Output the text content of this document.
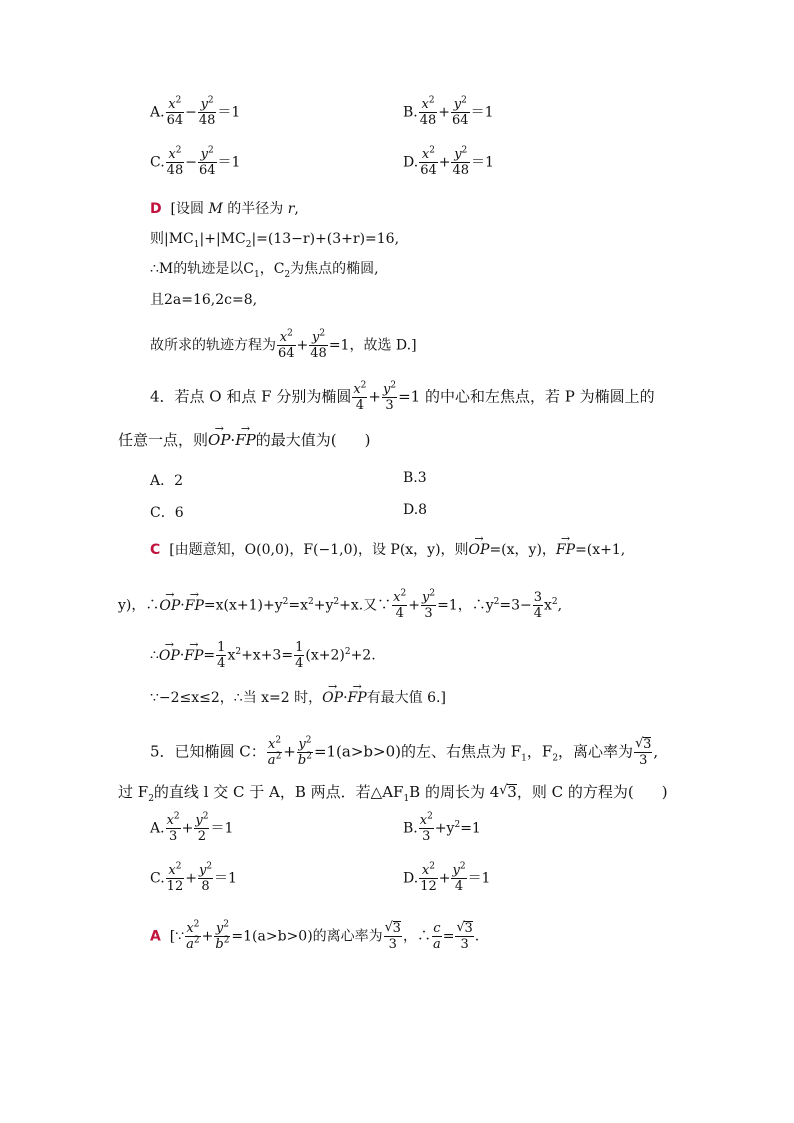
A. $\frac{x^2}{64} - \frac{y^2}{48} =1$	B. $\frac{x^2}{48} + \frac{y^2}{64} =1$
C. $\frac{x^2}{48} - \frac{y^2}{64} =1$	D. $\frac{x^2}{64} + \frac{y^2}{48} =1$
D [设圆 M 的半径为 r,
则$|MC_1|+|MC_2|=(13-r)+(3+r)=16$,
∴M的轨迹是以$C_1$，$C_2$为焦点的椭圆,
且2a=16,2c=8,
故所求的轨迹方程为 $\frac{x^2}{64} + \frac{y^2}{48} =1$，故选 D.]
4．若点 O 和点 F 分别为椭圆 $\frac{x^2}{4} + \frac{y^2}{3} =1$ 的中心和左焦点，若 P 为椭圆上的
任意一点，则→ OP·→ FP的最大值为( )
A．2	B.3
C．6	D.8
C [由题意知，O(0,0)，F(−1,0)，设 P(x，y)，则→ OP=(x，y)，→ FP=(x+1,
y)，∴→ $OP\cdot\to FP=x(x+1)+y^2=x^2+y^2+x$.又∵ $\frac{x^2}{4} + \frac{y^2}{3} =1$，$\therefore y^2=3- \frac{3}{4} x^2$,
∴→ $OP\cdot\to FP= \frac{1}{4} x^2+x+3= \frac{1}{4} (x+2)^2+2$.
∵−2≤x≤2，∴当 x=2 时，→ OP·→ FP有最大值 6.]
5．已知椭圆 C： $\frac{x^2}{a^2} + \frac{y^2}{b^2} =1(a>b>0)$的左、右焦点为 $F_1$，$F_2$，离心率为 √ $\frac{3}{3}$ ,
过 $F_2$的直线 l 交 C 于 A，B 两点．若$\triangle AF_1B$ 的周长为 4 √ 3，则 C 的方程为( )
A. $\frac{x^2}{3} + \frac{y^2}{2} =1$	B. $\frac{x^2}{3} +y^2=1$
C. $\frac{x^2}{12} + \frac{y^2}{8} =1$	D. $\frac{x^2}{12} + \frac{y^2}{4} =1$
A [∵ $\frac{x^2}{a^2} + \frac{y^2}{b^2} =1(a>b>0)$的离心率为 √ $\frac{3}{3}$ ，∴ $\frac{c}{a}$ = √ $\frac{3}{3}$ .
